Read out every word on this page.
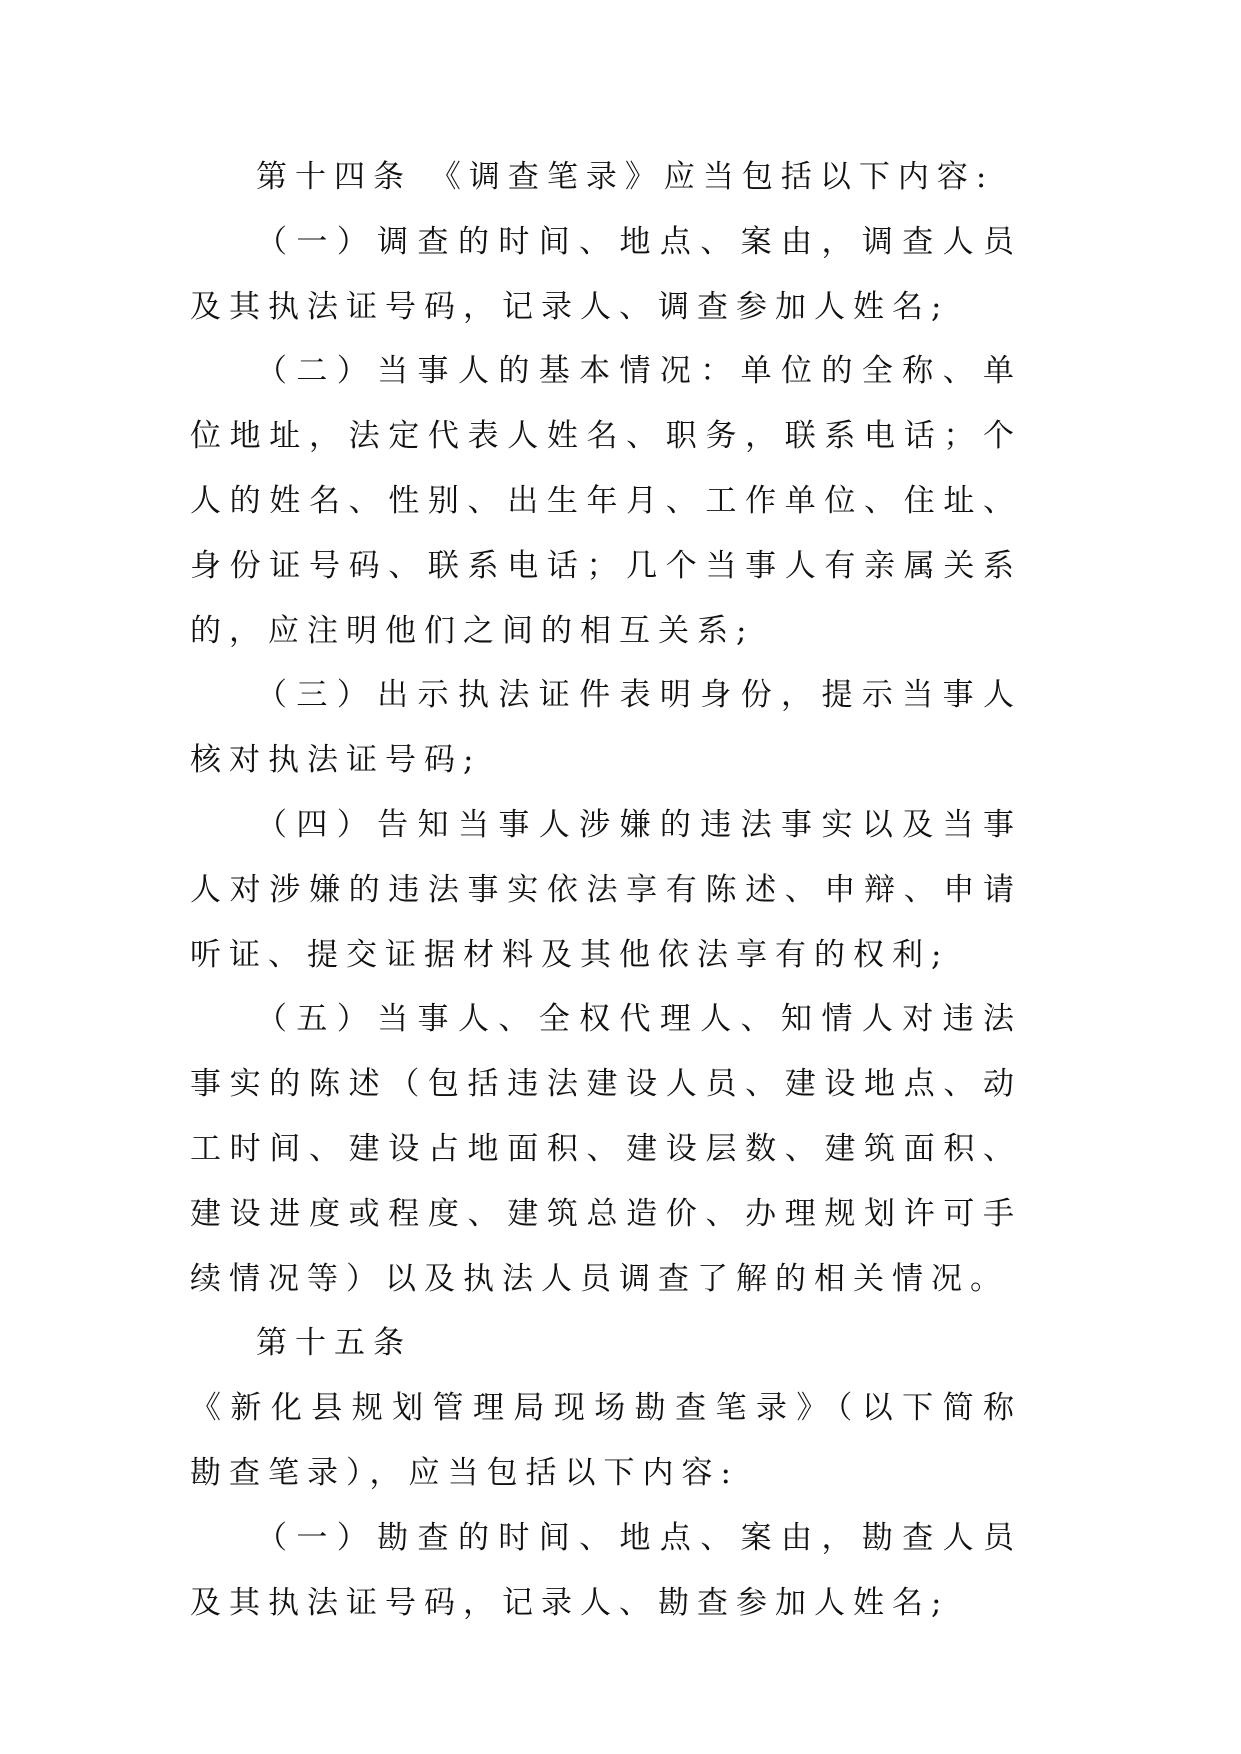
第十四条 《调查笔录》应当包括以下内容:

（一）调查的时间、地点、案由，调查人员及其执法证号码，记录人、调查参加人姓名;

（二）当事人的基本情况：单位的全称、单位地址，法定代表人姓名、职务，联系电话；个人的姓名、性别、出生年月、工作单位、住址、身份证号码、联系电话；几个当事人有亲属关系的，应注明他们之间的相互关系;

（三）出示执法证件表明身份，提示当事人核对执法证号码;

（四）告知当事人涉嫌的违法事实以及当事人对涉嫌的违法事实依法享有陈述、申辩、申请听证、提交证据材料及其他依法享有的权利;

（五）当事人、全权代理人、知情人对违法事实的陈述（包括违法建设人员、建设地点、动工时间、建设占地面积、建设层数、建筑面积、建设进度或程度、建筑总造价、办理规划许可手续情况等）以及执法人员调查了解的相关情况。

第十五条

《新化县规划管理局现场勘查笔录》（以下简称勘查笔录），应当包括以下内容:

（一）勘查的时间、地点、案由，勘查人员及其执法证号码，记录人、勘查参加人姓名;
